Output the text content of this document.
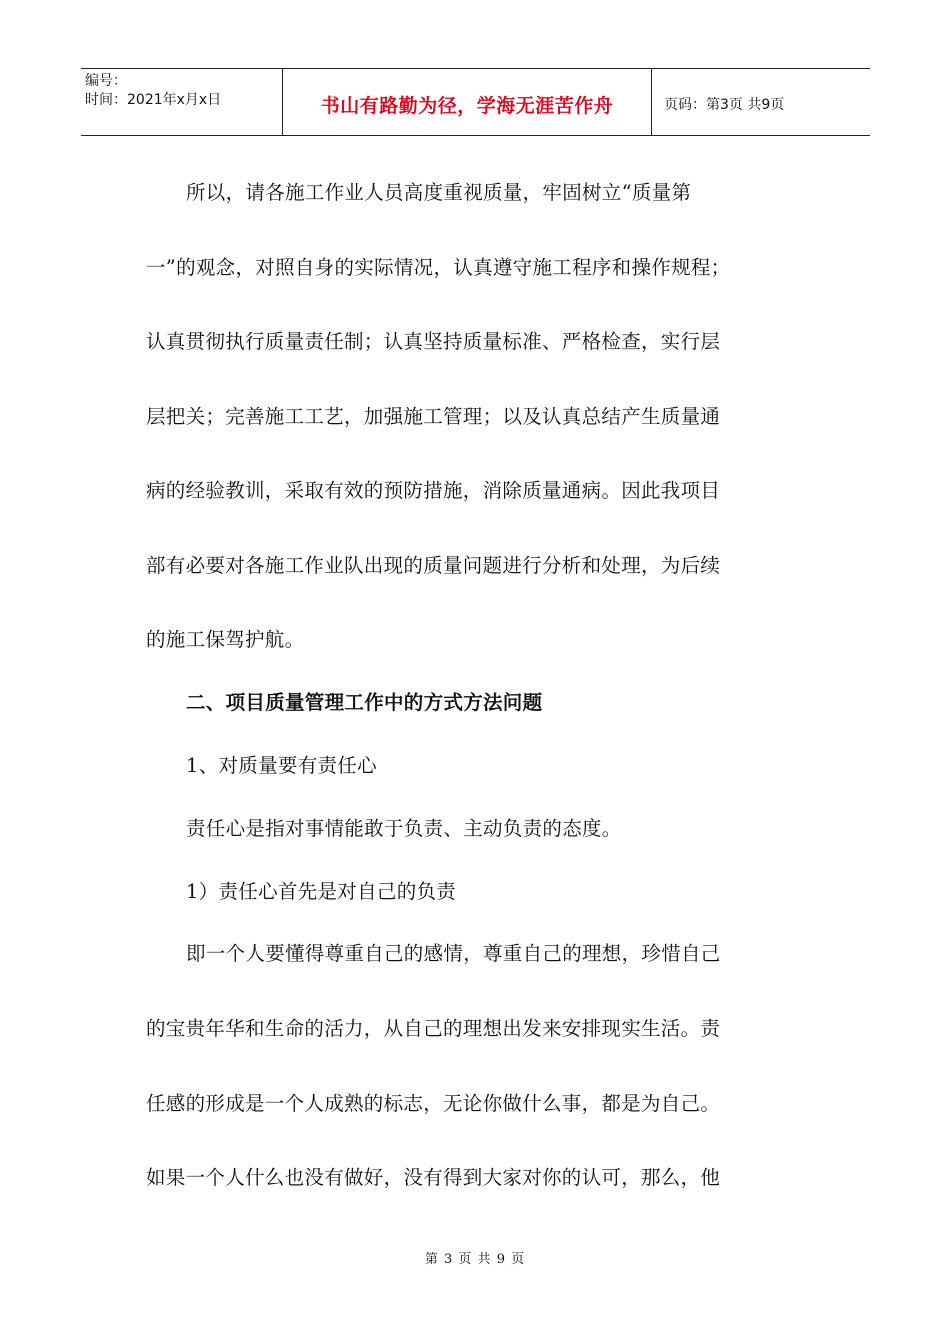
编号：
时间：2021年x月x日	书山有路勤为径，学海无涯苦作舟	页码：第3页 共9页
所以，请各施工作业人员高度重视质量，牢固树立“质量第
一”的观念，对照自身的实际情况，认真遵守施工程序和操作规程；
认真贯彻执行质量责任制；认真坚持质量标准、严格检查，实行层
层把关；完善施工工艺，加强施工管理；以及认真总结产生质量通
病的经验教训，采取有效的预防措施，消除质量通病。因此我项目
部有必要对各施工作业队出现的质量问题进行分析和处理，为后续
的施工保驾护航。
二、项目质量管理工作中的方式方法问题
1、对质量要有责任心
责任心是指对事情能敢于负责、主动负责的态度。
1）责任心首先是对自己的负责
即一个人要懂得尊重自己的感情，尊重自己的理想，珍惜自己
的宝贵年华和生命的活力，从自己的理想出发来安排现实生活。责
任感的形成是一个人成熟的标志，无论你做什么事，都是为自己。
如果一个人什么也没有做好，没有得到大家对你的认可，那么，他
第 3 页 共 9 页
